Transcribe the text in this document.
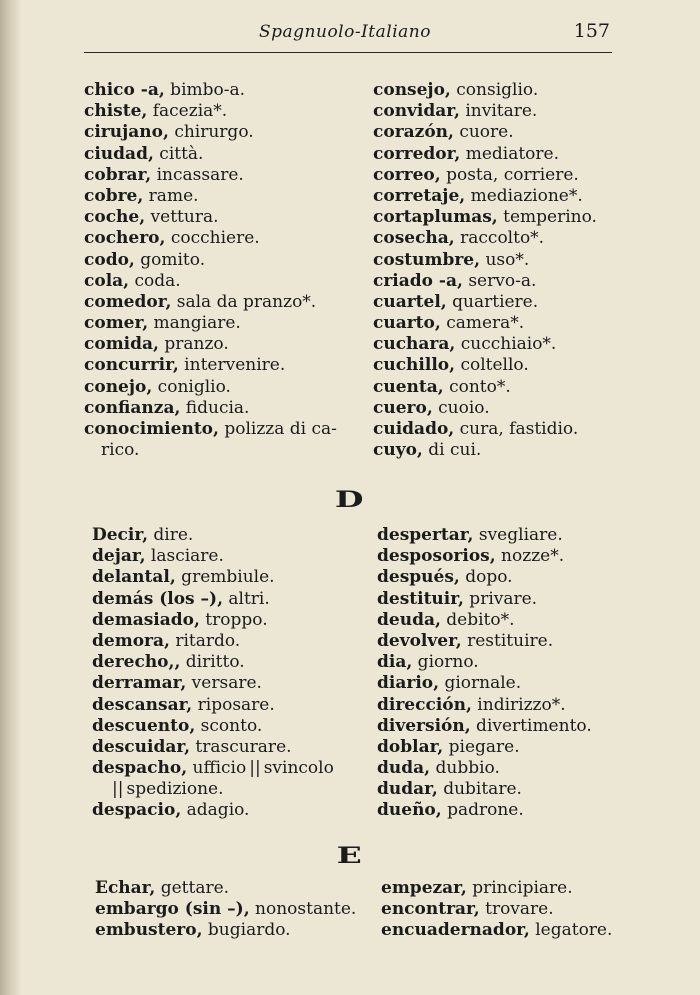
Spagnuolo-Italiano	157
chico -a, bimbo-a.
chiste, facezia*.
cirujano, chirurgo.
ciudad, città.
cobrar, incassare.
cobre, rame.
coche, vettura.
cochero, cocchiere.
codo, gomito.
cola, coda.
comedor, sala da pranzo*.
comer, mangiare.
comida, pranzo.
concurrir, intervenire.
conejo, coniglio.
confianza, fiducia.
conocimiento, polizza di ca-
rico.
consejo, consiglio.
convidar, invitare.
corazón, cuore.
corredor, mediatore.
correo, posta, corriere.
corretaje, mediazione*.
cortaplumas, temperino.
cosecha, raccolto*.
costumbre, uso*.
criado -a, servo-a.
cuartel, quartiere.
cuarto, camera*.
cuchara, cucchiaio*.
cuchillo, coltello.
cuenta, conto*.
cuero, cuoio.
cuidado, cura, fastidio.
cuyo, di cui.
D
Decir, dire.
dejar, lasciare.
delantal, grembiule.
demás (los –), altri.
demasiado, troppo.
demora, ritardo.
derecho,, diritto.
derramar, versare.
descansar, riposare.
descuento, sconto.
descuidar, trascurare.
despacho, ufficio || svincolo
|| spedizione.
despacio, adagio.
despertar, svegliare.
desposorios, nozze*.
después, dopo.
destituir, privare.
deuda, debito*.
devolver, restituire.
dia, giorno.
diario, giornale.
dirección, indirizzo*.
diversión, divertimento.
doblar, piegare.
duda, dubbio.
dudar, dubitare.
dueño, padrone.
E
Echar, gettare.
embargo (sin –), nonostante.
embustero, bugiardo.
empezar, principiare.
encontrar, trovare.
encuadernador, legatore.
